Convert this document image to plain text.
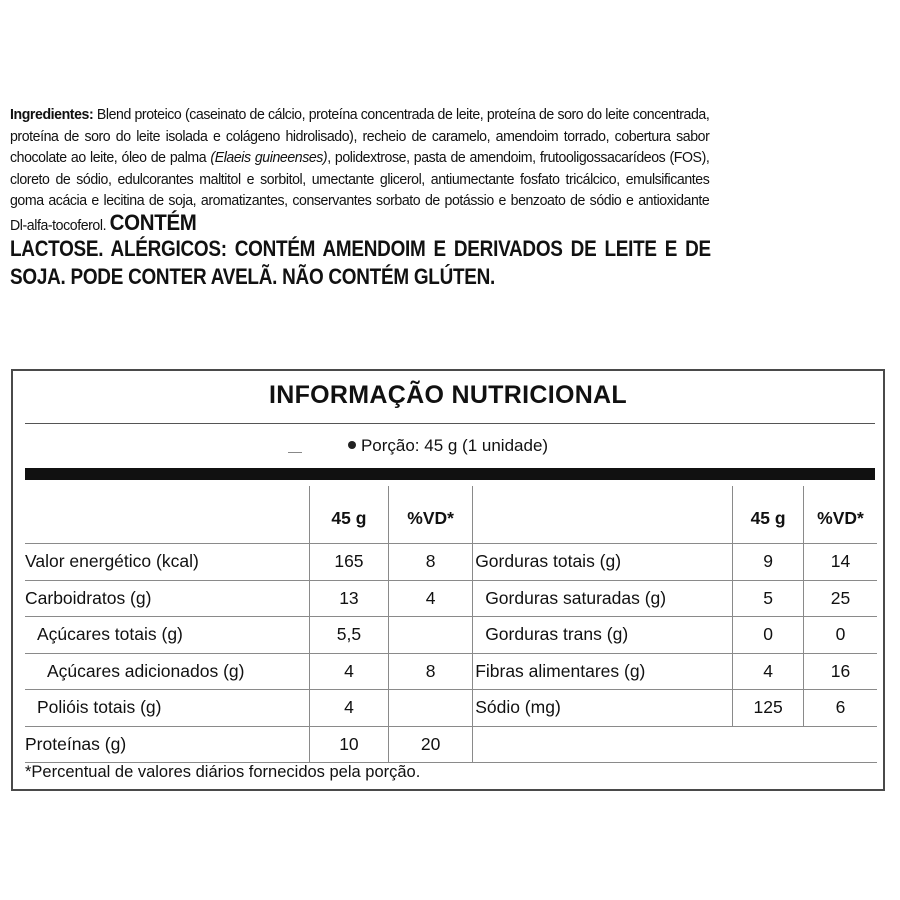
Ingredientes: Blend proteico (caseinato de cálcio, proteína concentrada de leite, proteína de soro do leite concentrada, proteína de soro do leite isolada e colágeno hidrolisado), recheio de caramelo, amendoim torrado, cobertura sabor chocolate ao leite, óleo de palma (Elaeis guineenses), polidextrose, pasta de amendoim, frutooligossacarídeos (FOS), cloreto de sódio, edulcorantes maltitol e sorbitol, umectante glicerol, antiumectante fosfato tricálcico, emulsificantes goma acácia e lecitina de soja, aromatizantes, conservantes sorbato de potássio e benzoato de sódio e antioxidante Dl-alfa-tocoferol. CONTÉM
LACTOSE. ALÉRGICOS: CONTÉM AMENDOIM E DERIVADOS DE LEITE E DE SOJA. PODE CONTER AVELÃ. NÃO CONTÉM GLÚTEN.
INFORMAÇÃO NUTRICIONAL
Porção: 45 g (1 unidade)
	45 g	%VD*		45 g	%VD*
Valor energético (kcal)	165	8	Gorduras totais (g)	9	14
Carboidratos (g)	13	4	Gorduras saturadas (g)	5	25
Açúcares totais (g)	5,5		Gorduras trans (g)	0	0
Açúcares adicionados (g)	4	8	Fibras alimentares (g)	4	16
Polióis totais (g)	4		Sódio (mg)	125	6
Proteínas (g)	10	20			
*Percentual de valores diários fornecidos pela porção.
